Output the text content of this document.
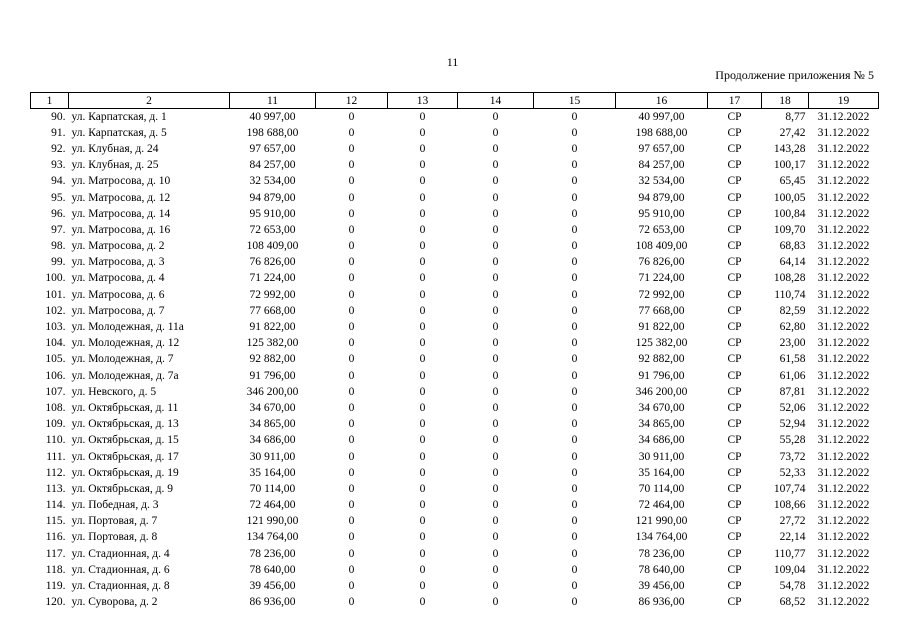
11
Продолжение приложения № 5
1	2	11	12	13	14	15	16	17	18	19
90.	ул. Карпатская, д. 1	40 997,00	0	0	0	0	40 997,00	СР	8,77	31.12.2022
91.	ул. Карпатская, д. 5	198 688,00	0	0	0	0	198 688,00	СР	27,42	31.12.2022
92.	ул. Клубная, д. 24	97 657,00	0	0	0	0	97 657,00	СР	143,28	31.12.2022
93.	ул. Клубная, д. 25	84 257,00	0	0	0	0	84 257,00	СР	100,17	31.12.2022
94.	ул. Матросова, д. 10	32 534,00	0	0	0	0	32 534,00	СР	65,45	31.12.2022
95.	ул. Матросова, д. 12	94 879,00	0	0	0	0	94 879,00	СР	100,05	31.12.2022
96.	ул. Матросова, д. 14	95 910,00	0	0	0	0	95 910,00	СР	100,84	31.12.2022
97.	ул. Матросова, д. 16	72 653,00	0	0	0	0	72 653,00	СР	109,70	31.12.2022
98.	ул. Матросова, д. 2	108 409,00	0	0	0	0	108 409,00	СР	68,83	31.12.2022
99.	ул. Матросова, д. 3	76 826,00	0	0	0	0	76 826,00	СР	64,14	31.12.2022
100.	ул. Матросова, д. 4	71 224,00	0	0	0	0	71 224,00	СР	108,28	31.12.2022
101.	ул. Матросова, д. 6	72 992,00	0	0	0	0	72 992,00	СР	110,74	31.12.2022
102.	ул. Матросова, д. 7	77 668,00	0	0	0	0	77 668,00	СР	82,59	31.12.2022
103.	ул. Молодежная, д. 11а	91 822,00	0	0	0	0	91 822,00	СР	62,80	31.12.2022
104.	ул. Молодежная, д. 12	125 382,00	0	0	0	0	125 382,00	СР	23,00	31.12.2022
105.	ул. Молодежная, д. 7	92 882,00	0	0	0	0	92 882,00	СР	61,58	31.12.2022
106.	ул. Молодежная, д. 7а	91 796,00	0	0	0	0	91 796,00	СР	61,06	31.12.2022
107.	ул. Невского, д. 5	346 200,00	0	0	0	0	346 200,00	СР	87,81	31.12.2022
108.	ул. Октябрьская, д. 11	34 670,00	0	0	0	0	34 670,00	СР	52,06	31.12.2022
109.	ул. Октябрьская, д. 13	34 865,00	0	0	0	0	34 865,00	СР	52,94	31.12.2022
110.	ул. Октябрьская, д. 15	34 686,00	0	0	0	0	34 686,00	СР	55,28	31.12.2022
111.	ул. Октябрьская, д. 17	30 911,00	0	0	0	0	30 911,00	СР	73,72	31.12.2022
112.	ул. Октябрьская, д. 19	35 164,00	0	0	0	0	35 164,00	СР	52,33	31.12.2022
113.	ул. Октябрьская, д. 9	70 114,00	0	0	0	0	70 114,00	СР	107,74	31.12.2022
114.	ул. Победная, д. 3	72 464,00	0	0	0	0	72 464,00	СР	108,66	31.12.2022
115.	ул. Портовая, д. 7	121 990,00	0	0	0	0	121 990,00	СР	27,72	31.12.2022
116.	ул. Портовая, д. 8	134 764,00	0	0	0	0	134 764,00	СР	22,14	31.12.2022
117.	ул. Стадионная, д. 4	78 236,00	0	0	0	0	78 236,00	СР	110,77	31.12.2022
118.	ул. Стадионная, д. 6	78 640,00	0	0	0	0	78 640,00	СР	109,04	31.12.2022
119.	ул. Стадионная, д. 8	39 456,00	0	0	0	0	39 456,00	СР	54,78	31.12.2022
120.	ул. Суворова, д. 2	86 936,00	0	0	0	0	86 936,00	СР	68,52	31.12.2022
